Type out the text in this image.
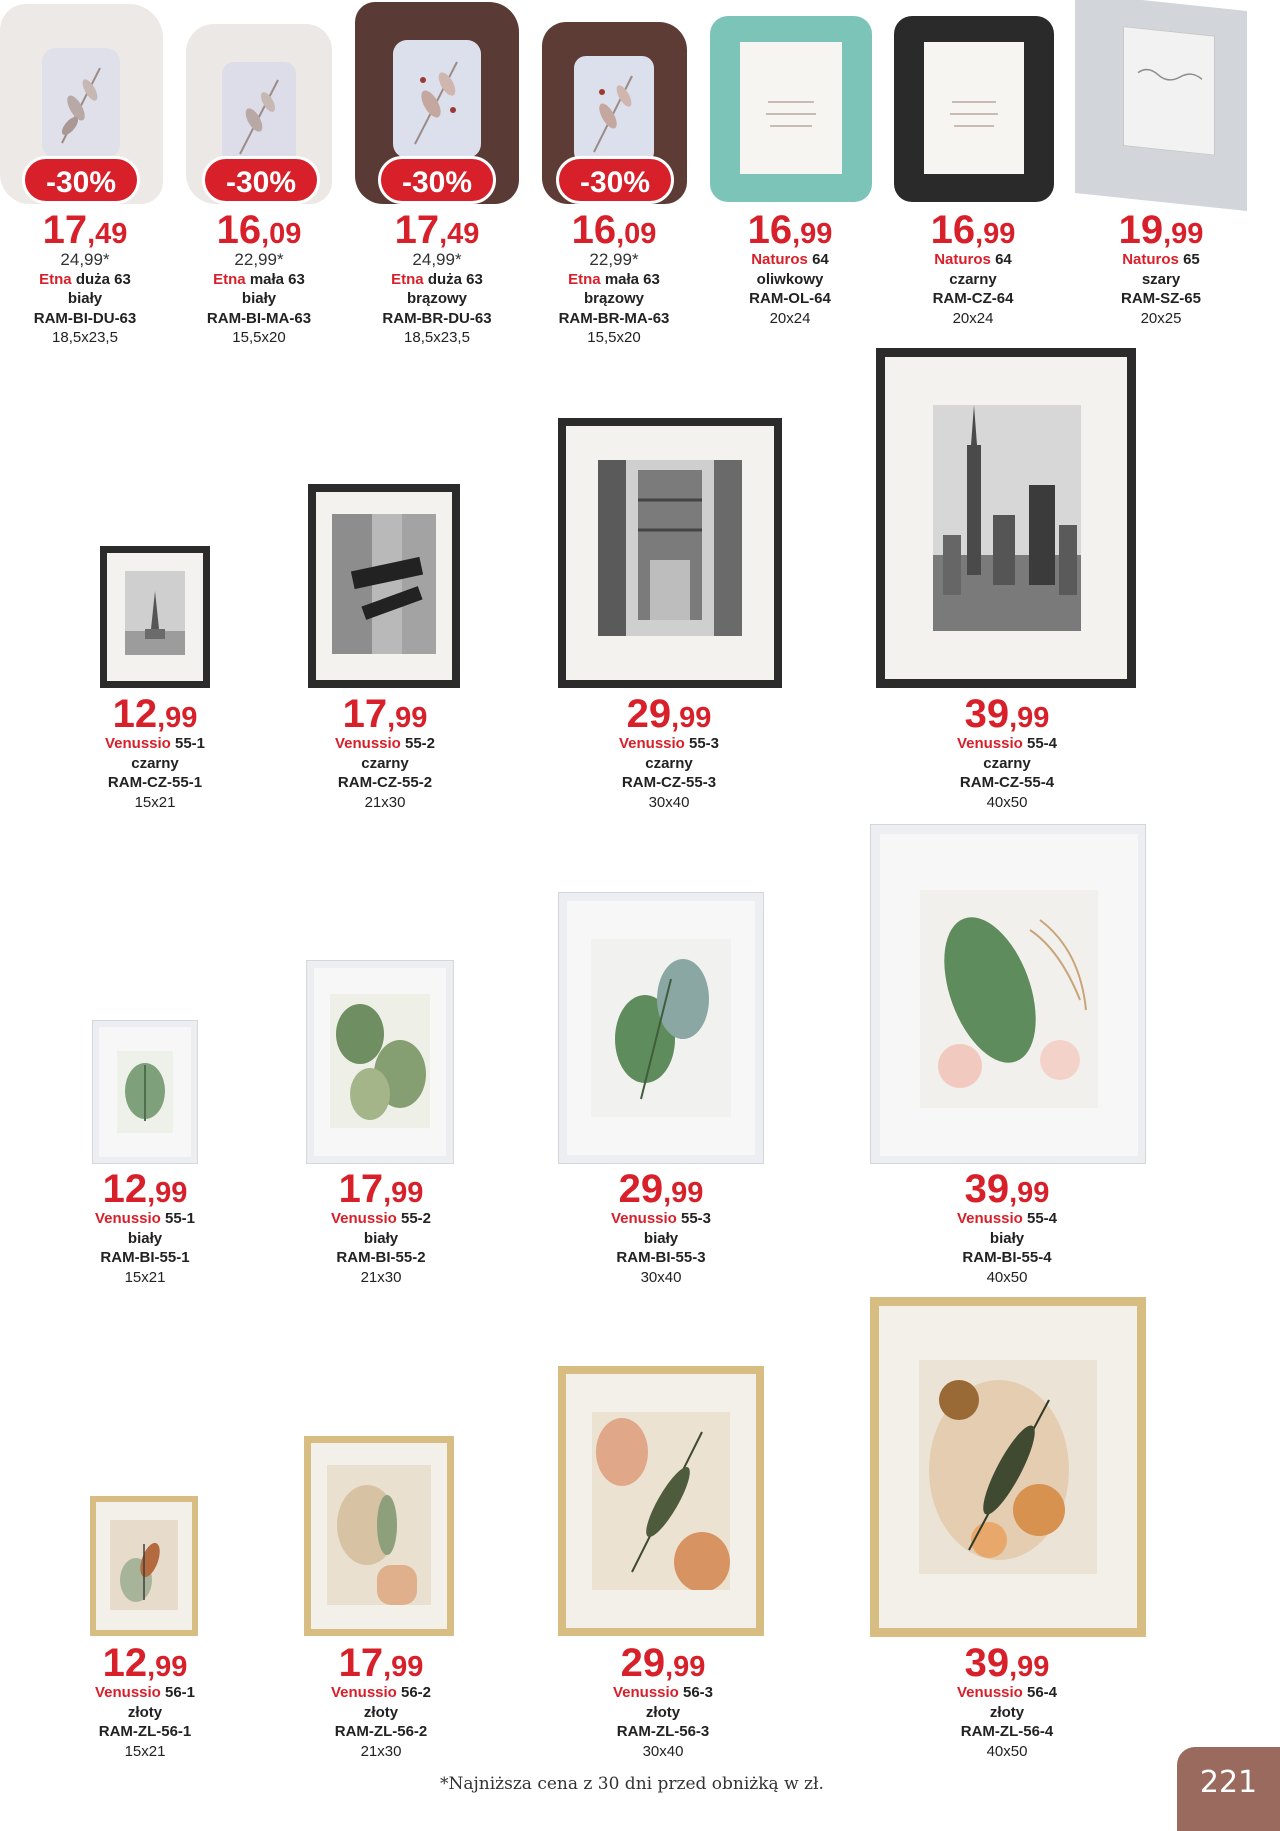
-30%	-30%	-30%	-30%
17,49
24,99*
Etna duża 63
biały
RAM-BI-DU-63
18,5x23,5
16,09
22,99*
Etna mała 63
biały
RAM-BI-MA-63
15,5x20
17,49
24,99*
Etna duża 63
brązowy
RAM-BR-DU-63
18,5x23,5
16,09
22,99*
Etna mała 63
brązowy
RAM-BR-MA-63
15,5x20
16,99
Naturos 64
oliwkowy
RAM-OL-64
20x24
16,99
Naturos 64
czarny
RAM-CZ-64
20x24
19,99
Naturos 65
szary
RAM-SZ-65
20x25
12,99
Venussio 55-1
czarny
RAM-CZ-55-1
15x21
17,99
Venussio 55-2
czarny
RAM-CZ-55-2
21x30
29,99
Venussio 55-3
czarny
RAM-CZ-55-3
30x40
39,99
Venussio 55-4
czarny
RAM-CZ-55-4
40x50
12,99
Venussio 55-1
biały
RAM-BI-55-1
15x21
17,99
Venussio 55-2
biały
RAM-BI-55-2
21x30
29,99
Venussio 55-3
biały
RAM-BI-55-3
30x40
39,99
Venussio 55-4
biały
RAM-BI-55-4
40x50
12,99
Venussio 56-1
złoty
RAM-ZL-56-1
15x21
17,99
Venussio 56-2
złoty
RAM-ZL-56-2
21x30
29,99
Venussio 56-3
złoty
RAM-ZL-56-3
30x40
39,99
Venussio 56-4
złoty
RAM-ZL-56-4
40x50
*Najniższa cena z 30 dni przed obniżką w zł.	221
